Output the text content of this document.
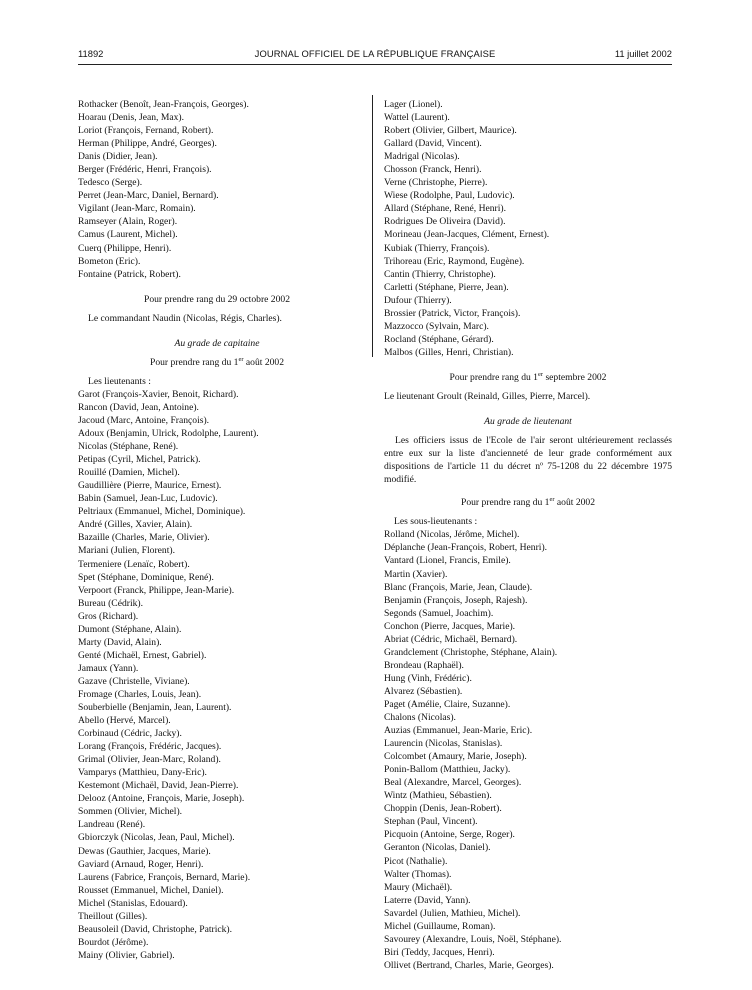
11892	JOURNAL OFFICIEL DE LA RÉPUBLIQUE FRANÇAISE	11 juillet 2002
Rothacker (Benoît, Jean-François, Georges).
Hoarau (Denis, Jean, Max).
Loriot (François, Fernand, Robert).
Herman (Philippe, André, Georges).
Danis (Didier, Jean).
Berger (Frédéric, Henri, François).
Tedesco (Serge).
Perret (Jean-Marc, Daniel, Bernard).
Vigilant (Jean-Marc, Romain).
Ramseyer (Alain, Roger).
Camus (Laurent, Michel).
Cuerq (Philippe, Henri).
Bometon (Eric).
Fontaine (Patrick, Robert).
Pour prendre rang du 29 octobre 2002
Le commandant Naudin (Nicolas, Régis, Charles).
Au grade de capitaine
Pour prendre rang du 1er août 2002
Les lieutenants :
Garot (François-Xavier, Benoit, Richard).
Rancon (David, Jean, Antoine).
Jacoud (Marc, Antoine, François).
Adoux (Benjamin, Ulrick, Rodolphe, Laurent).
Nicolas (Stéphane, René).
Petipas (Cyril, Michel, Patrick).
Rouillé (Damien, Michel).
Gaudillière (Pierre, Maurice, Ernest).
Babin (Samuel, Jean-Luc, Ludovic).
Peltriaux (Emmanuel, Michel, Dominique).
André (Gilles, Xavier, Alain).
Bazaille (Charles, Marie, Olivier).
Mariani (Julien, Florent).
Termeniere (Lenaïc, Robert).
Spet (Stéphane, Dominique, René).
Verpoort (Franck, Philippe, Jean-Marie).
Bureau (Cédrik).
Gros (Richard).
Dumont (Stéphane, Alain).
Marty (David, Alain).
Genté (Michaël, Ernest, Gabriel).
Jamaux (Yann).
Gazave (Christelle, Viviane).
Fromage (Charles, Louis, Jean).
Souberbielle (Benjamin, Jean, Laurent).
Abello (Hervé, Marcel).
Corbinaud (Cédric, Jacky).
Lorang (François, Frédéric, Jacques).
Grimal (Olivier, Jean-Marc, Roland).
Vamparys (Matthieu, Dany-Eric).
Kestemont (Michaël, David, Jean-Pierre).
Delooz (Antoine, François, Marie, Joseph).
Sommen (Olivier, Michel).
Landreau (René).
Gbiorczyk (Nicolas, Jean, Paul, Michel).
Dewas (Gauthier, Jacques, Marie).
Gaviard (Arnaud, Roger, Henri).
Laurens (Fabrice, François, Bernard, Marie).
Rousset (Emmanuel, Michel, Daniel).
Michel (Stanislas, Edouard).
Theillout (Gilles).
Beausoleil (David, Christophe, Patrick).
Bourdot (Jérôme).
Mainy (Olivier, Gabriel).
Lager (Lionel).
Wattel (Laurent).
Robert (Olivier, Gilbert, Maurice).
Gallard (David, Vincent).
Madrigal (Nicolas).
Chosson (Franck, Henri).
Verne (Christophe, Pierre).
Wiese (Rodolphe, Paul, Ludovic).
Allard (Stéphane, René, Henri).
Rodrigues De Oliveira (David).
Morineau (Jean-Jacques, Clément, Ernest).
Kubiak (Thierry, François).
Trihoreau (Eric, Raymond, Eugène).
Cantin (Thierry, Christophe).
Carletti (Stéphane, Pierre, Jean).
Dufour (Thierry).
Brossier (Patrick, Victor, François).
Mazzocco (Sylvain, Marc).
Rocland (Stéphane, Gérard).
Malbos (Gilles, Henri, Christian).
Pour prendre rang du 1er septembre 2002
Le lieutenant Groult (Reinald, Gilles, Pierre, Marcel).
Au grade de lieutenant
Les officiers issus de l'Ecole de l'air seront ultérieurement reclassés entre eux sur la liste d'ancienneté de leur grade conformément aux dispositions de l'article 11 du décret nº 75-1208 du 22 décembre 1975 modifié.
Pour prendre rang du 1er août 2002
Les sous-lieutenants :
Rolland (Nicolas, Jérôme, Michel).
Déplanche (Jean-François, Robert, Henri).
Vantard (Lionel, Francis, Emile).
Martin (Xavier).
Blanc (François, Marie, Jean, Claude).
Benjamin (François, Joseph, Rajesh).
Segonds (Samuel, Joachim).
Conchon (Pierre, Jacques, Marie).
Abriat (Cédric, Michaël, Bernard).
Grandclement (Christophe, Stéphane, Alain).
Brondeau (Raphaël).
Hung (Vinh, Frédéric).
Alvarez (Sébastien).
Paget (Amélie, Claire, Suzanne).
Chalons (Nicolas).
Auzias (Emmanuel, Jean-Marie, Eric).
Laurencin (Nicolas, Stanislas).
Colcombet (Amaury, Marie, Joseph).
Ponin-Ballom (Matthieu, Jacky).
Beal (Alexandre, Marcel, Georges).
Wintz (Mathieu, Sébastien).
Choppin (Denis, Jean-Robert).
Stephan (Paul, Vincent).
Picquoin (Antoine, Serge, Roger).
Geranton (Nicolas, Daniel).
Picot (Nathalie).
Walter (Thomas).
Maury (Michaël).
Laterre (David, Yann).
Savardel (Julien, Mathieu, Michel).
Michel (Guillaume, Roman).
Savourey (Alexandre, Louis, Noël, Stéphane).
Biri (Teddy, Jacques, Henri).
Ollivet (Bertrand, Charles, Marie, Georges).
